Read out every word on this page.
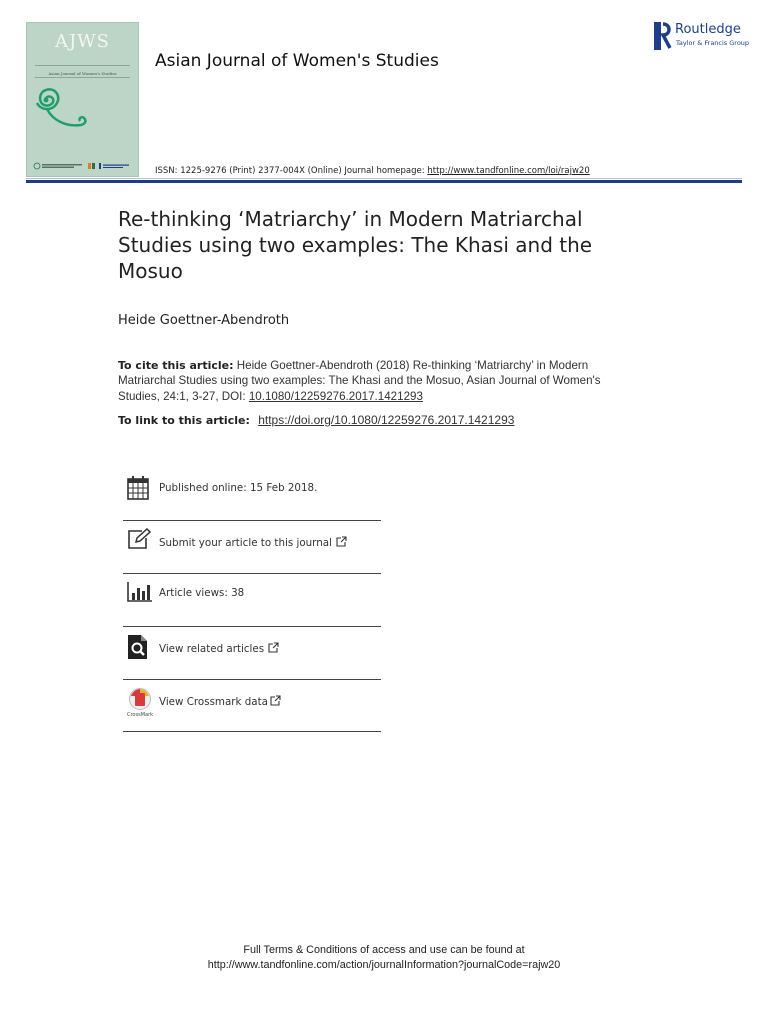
AJWS
Asian Journal of Women's Studies
Asian Journal of Women's Studies
Routledge
Taylor & Francis Group
ISSN: 1225-9276 (Print) 2377-004X (Online) Journal homepage: http://www.tandfonline.com/loi/rajw20
Re-thinking ‘Matriarchy’ in Modern Matriarchal Studies using two examples: The Khasi and the Mosuo
Heide Goettner-Abendroth
To cite this article: Heide Goettner-Abendroth (2018) Re-thinking ‘Matriarchy’ in Modern Matriarchal Studies using two examples: The Khasi and the Mosuo, Asian Journal of Women's Studies, 24:1, 3-27, DOI: 10.1080/12259276.2017.1421293
To link to this article: https://doi.org/10.1080/12259276.2017.1421293
Published online: 15 Feb 2018.
Submit your article to this journal
Article views: 38
View related articles
CrossMark
View Crossmark data
Full Terms & Conditions of access and use can be found at
http://www.tandfonline.com/action/journalInformation?journalCode=rajw20
